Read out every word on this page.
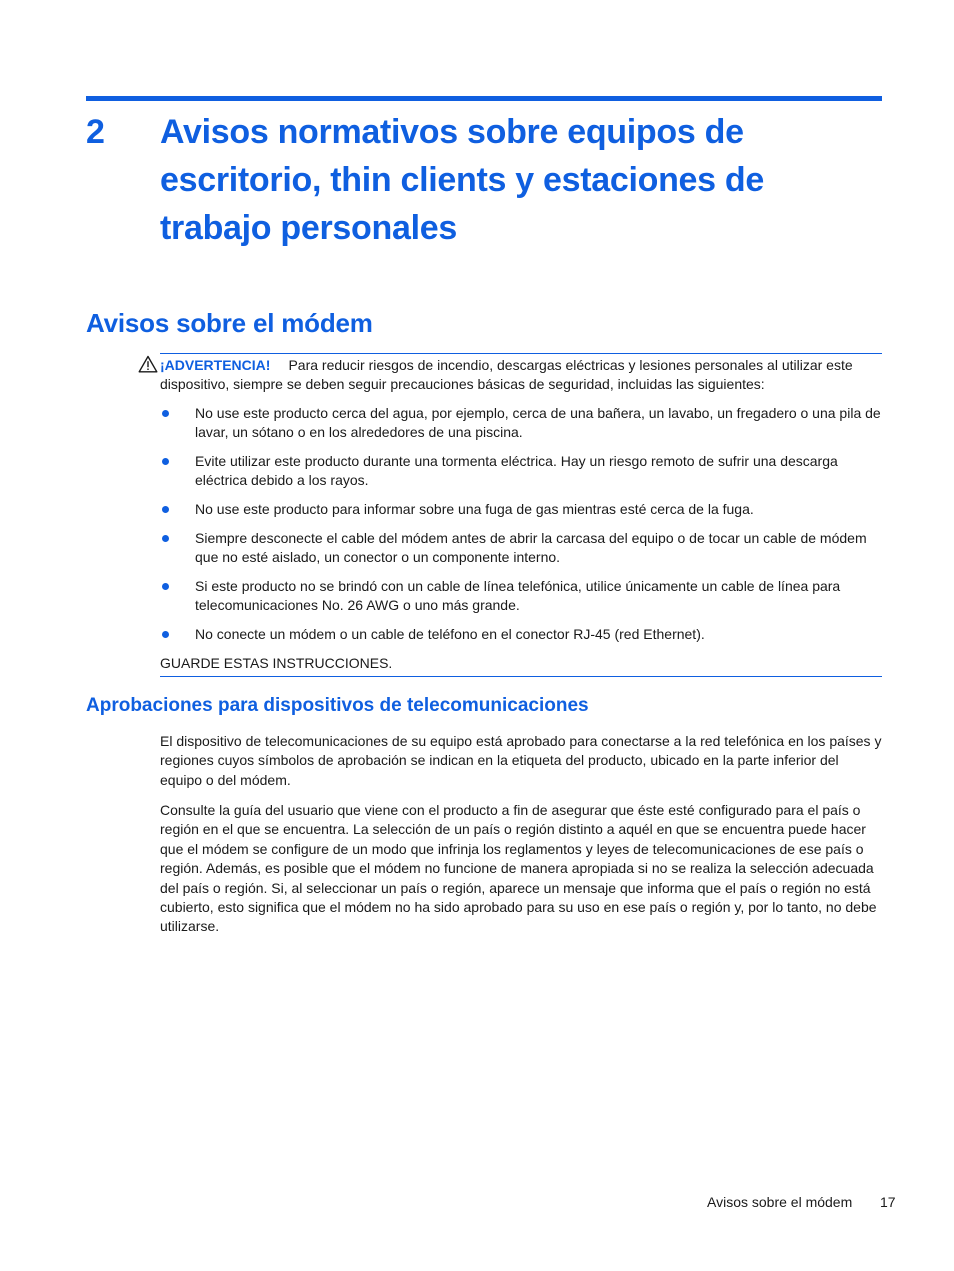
2 Avisos normativos sobre equipos de escritorio, thin clients y estaciones de trabajo personales
Avisos sobre el módem

¡ADVERTENCIA! Para reducir riesgos de incendio, descargas eléctricas y lesiones personales al utilizar este dispositivo, siempre se deben seguir precauciones básicas de seguridad, incluidas las siguientes:

No use este producto cerca del agua, por ejemplo, cerca de una bañera, un lavabo, un fregadero o una pila de lavar, un sótano o en los alrededores de una piscina.
Evite utilizar este producto durante una tormenta eléctrica. Hay un riesgo remoto de sufrir una descarga eléctrica debido a los rayos.
No use este producto para informar sobre una fuga de gas mientras esté cerca de la fuga.
Siempre desconecte el cable del módem antes de abrir la carcasa del equipo o de tocar un cable de módem que no esté aislado, un conector o un componente interno.
Si este producto no se brindó con un cable de línea telefónica, utilice únicamente un cable de línea para telecomunicaciones No. 26 AWG o uno más grande.
No conecte un módem o un cable de teléfono en el conector RJ-45 (red Ethernet).

GUARDE ESTAS INSTRUCCIONES.

Aprobaciones para dispositivos de telecomunicaciones

El dispositivo de telecomunicaciones de su equipo está aprobado para conectarse a la red telefónica en los países y regiones cuyos símbolos de aprobación se indican en la etiqueta del producto, ubicado en la parte inferior del equipo o del módem.

Consulte la guía del usuario que viene con el producto a fin de asegurar que éste esté configurado para el país o región en el que se encuentra. La selección de un país o región distinto a aquél en que se encuentra puede hacer que el módem se configure de un modo que infrinja los reglamentos y leyes de telecomunicaciones de ese país o región. Además, es posible que el módem no funcione de manera apropiada si no se realiza la selección adecuada del país o región. Si, al seleccionar un país o región, aparece un mensaje que informa que el país o región no está cubierto, esto significa que el módem no ha sido aprobado para su uso en ese país o región y, por lo tanto, no debe utilizarse.

Avisos sobre el módem 17
